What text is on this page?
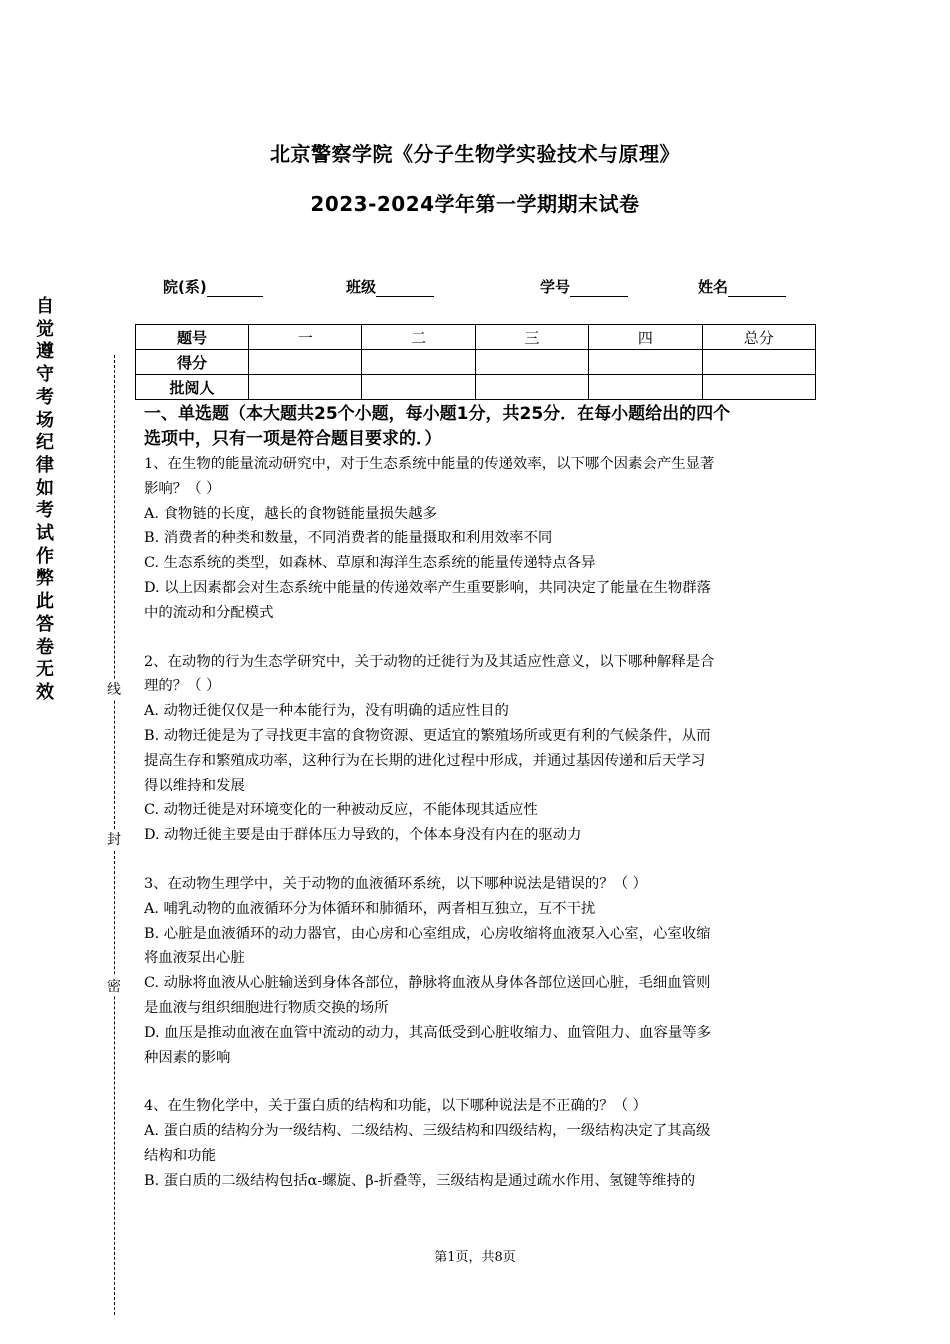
北京警察学院《分子生物学实验技术与原理》
2023-2024学年第一学期期末试卷
院(系)	班级	学号	姓名
题号	一	二	三	四	总分
得分					
批阅人					
一、单选题（本大题共25个小题，每小题1分，共25分．在每小题给出的四个
选项中，只有一项是符合题目要求的．）
1、在生物的能量流动研究中，对于生态系统中能量的传递效率，以下哪个因素会产生显著
影响？（ ）
A. 食物链的长度，越长的食物链能量损失越多
B. 消费者的种类和数量，不同消费者的能量摄取和利用效率不同
C. 生态系统的类型，如森林、草原和海洋生态系统的能量传递特点各异
D. 以上因素都会对生态系统中能量的传递效率产生重要影响，共同决定了能量在生物群落
中的流动和分配模式
2、在动物的行为生态学研究中，关于动物的迁徙行为及其适应性意义，以下哪种解释是合
理的？（ ）
A. 动物迁徙仅仅是一种本能行为，没有明确的适应性目的
B. 动物迁徙是为了寻找更丰富的食物资源、更适宜的繁殖场所或更有利的气候条件，从而
提高生存和繁殖成功率，这种行为在长期的进化过程中形成，并通过基因传递和后天学习
得以维持和发展
C. 动物迁徙是对环境变化的一种被动反应，不能体现其适应性
D. 动物迁徙主要是由于群体压力导致的，个体本身没有内在的驱动力
3、在动物生理学中，关于动物的血液循环系统，以下哪种说法是错误的？（ ）
A. 哺乳动物的血液循环分为体循环和肺循环，两者相互独立，互不干扰
B. 心脏是血液循环的动力器官，由心房和心室组成，心房收缩将血液泵入心室，心室收缩
将血液泵出心脏
C. 动脉将血液从心脏输送到身体各部位，静脉将血液从身体各部位送回心脏，毛细血管则
是血液与组织细胞进行物质交换的场所
D. 血压是推动血液在血管中流动的动力，其高低受到心脏收缩力、血管阻力、血容量等多
种因素的影响
4、在生物化学中，关于蛋白质的结构和功能，以下哪种说法是不正确的？（ ）
A. 蛋白质的结构分为一级结构、二级结构、三级结构和四级结构，一级结构决定了其高级
结构和功能
B. 蛋白质的二级结构包括α-螺旋、β-折叠等，三级结构是通过疏水作用、氢键等维持的
自觉遵守考场纪律如考试作弊此答卷无效	线
封
密
第1页，共8页
